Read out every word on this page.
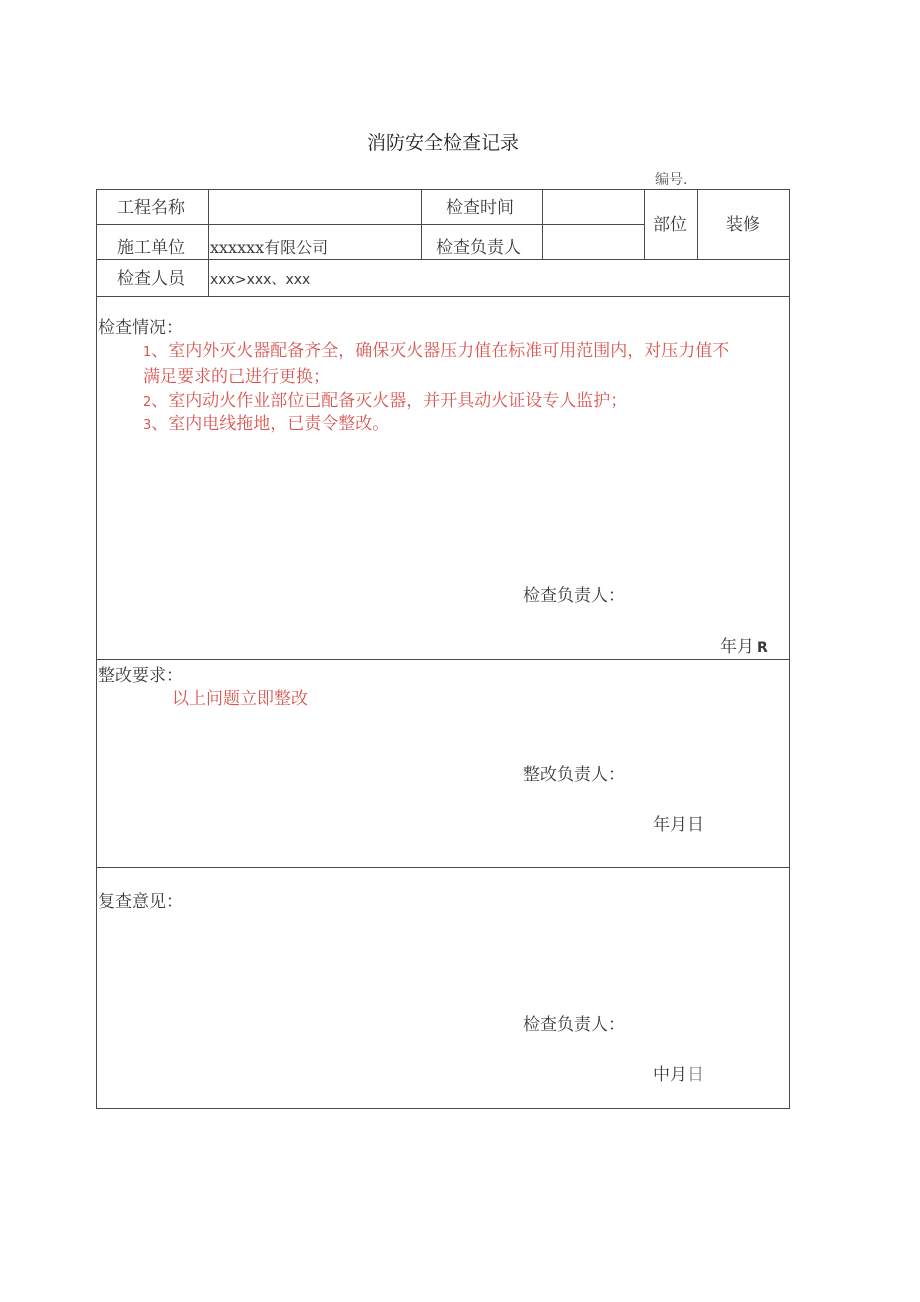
消防安全检查记录
编号.
工程名称	检查时间
部位 装修
施工单位 xxxxxx有限公司	检查负责人
检查人员 xxx>xxx、xxx
检查情况：
1、室内外灭火器配备齐全，确保灭火器压力值在标准可用范围内，对压力值不
满足要求的己进行更换；
2、室内动火作业部位已配备灭火器，并开具动火证设专人监护；
3、室内电线拖地，已责令整改。
检查负责人：
年月 R
整改要求：
以上问题立即整改
整改负责人：
年月日
复查意见：
检查负责人：
中月日
